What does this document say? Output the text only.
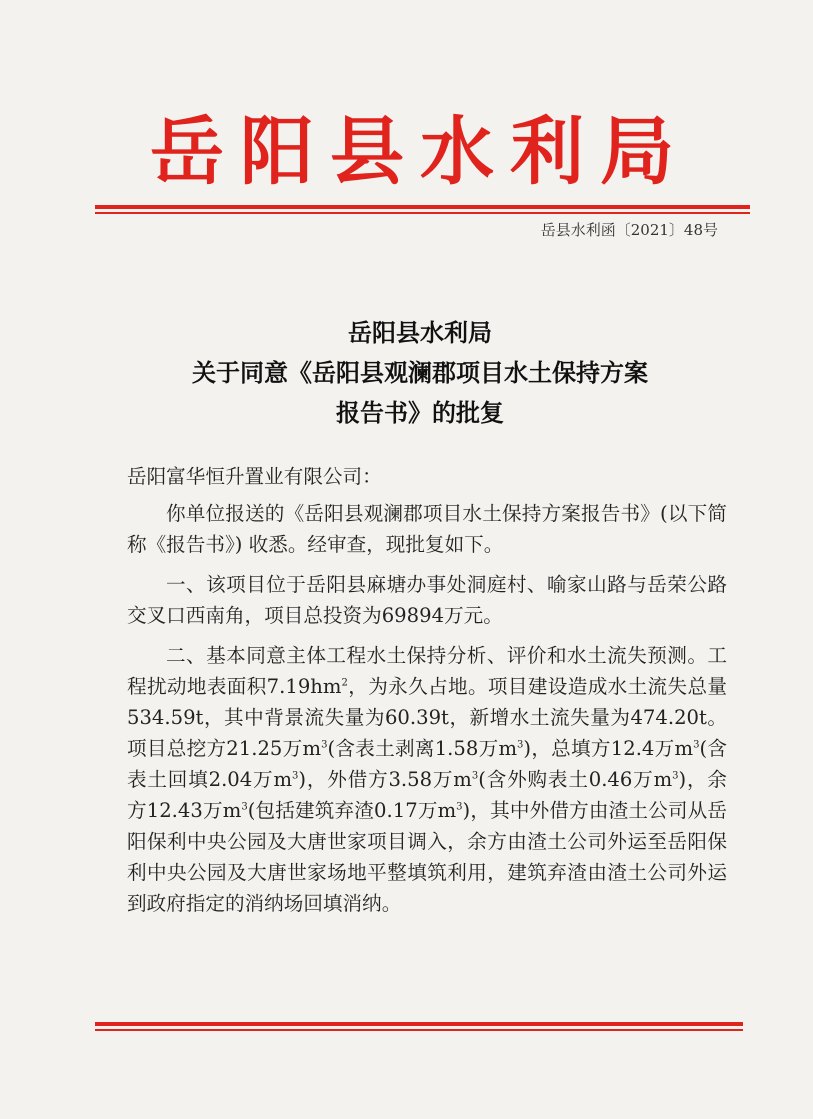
岳阳县水利局
岳县水利函〔2021〕48号
岳阳县水利局
关于同意《岳阳县观澜郡项目水土保持方案
报告书》的批复
岳阳富华恒升置业有限公司：

你单位报送的《岳阳县观澜郡项目水土保持方案报告书》(以下简称《报告书》) 收悉。经审查，现批复如下。

一、该项目位于岳阳县麻塘办事处洞庭村、喻家山路与岳荣公路交叉口西南角，项目总投资为69894万元。

二、基本同意主体工程水土保持分析、评价和水土流失预测。工程扰动地表面积$7.19hm^2$，为永久占地。项目建设造成水土流失总量534.59t，其中背景流失量为60.39t，新增水土流失量为474.20t。项目总挖方21.25万$m^3$(含表土剥离1.58万$m^3$)，总填方12.4万$m^3$(含表土回填2.04万$m^3$)，外借方3.58万$m^3$(含外购表土0.46万$m^3$)，余方12.43万$m^3$(包括建筑弃渣0.17万$m^3$)，其中外借方由渣土公司从岳阳保利中央公园及大唐世家项目调入，余方由渣土公司外运至岳阳保利中央公园及大唐世家场地平整填筑利用，建筑弃渣由渣土公司外运到政府指定的消纳场回填消纳。
